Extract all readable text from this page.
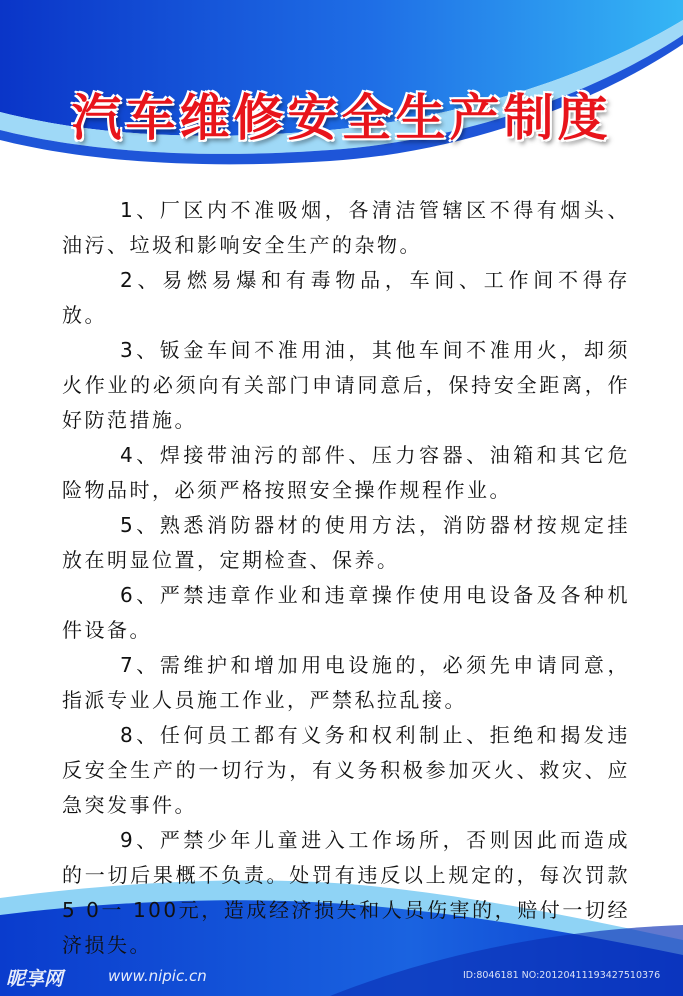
汽车维修安全生产制度

1、厂区内不准吸烟，各清洁管辖区不得有烟头、油污、垃圾和影响安全生产的杂物。

2、易燃易爆和有毒物品，车间、工作间不得存放。

3、钣金车间不准用油，其他车间不准用火，却须火作业的必须向有关部门申请同意后，保持安全距离，作好防范措施。

4、焊接带油污的部件、压力容器、油箱和其它危险物品时，必须严格按照安全操作规程作业。

5、熟悉消防器材的使用方法，消防器材按规定挂放在明显位置，定期检查、保养。

6、严禁违章作业和违章操作使用电设备及各种机件设备。

7、需维护和增加用电设施的，必须先申请同意，指派专业人员施工作业，严禁私拉乱接。

8、任何员工都有义务和权利制止、拒绝和揭发违反安全生产的一切行为，有义务积极参加灭火、救灾、应急突发事件。

9、严禁少年儿童进入工作场所，否则因此而造成的一切后果概不负责。处罚有违反以上规定的，每次罚款5 0一 100元，造成经济损失和人员伤害的，赔付一切经济损失。

昵享网	www.nipic.cn	ID:8046181 NO:20120411193427510376
